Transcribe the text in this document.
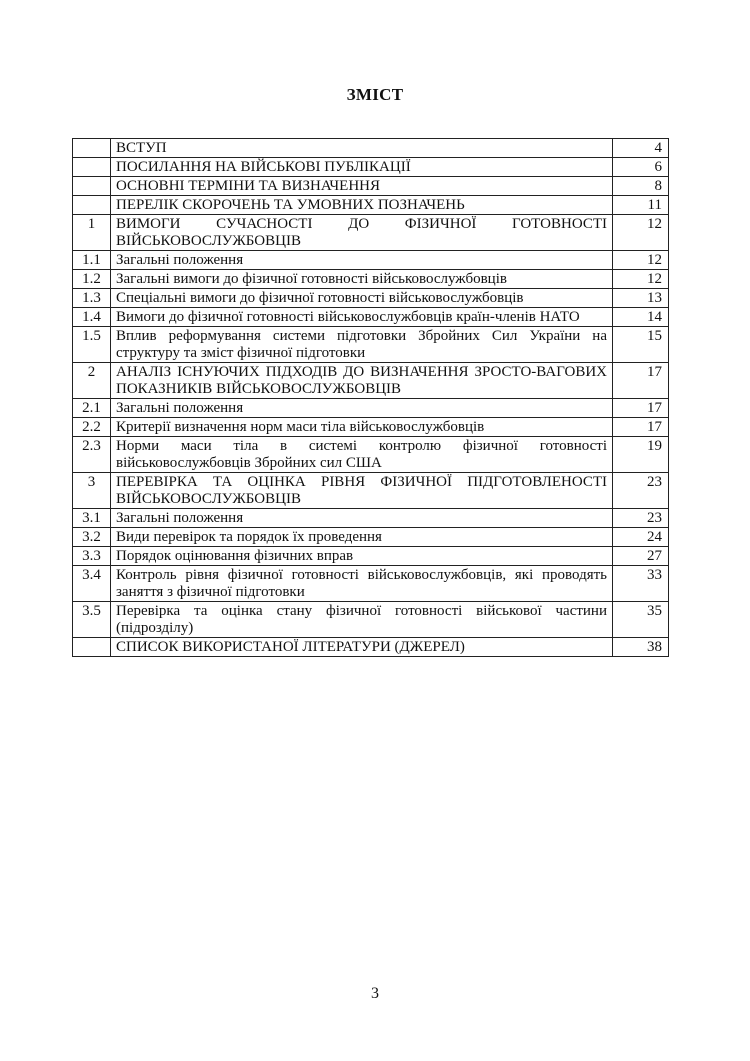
ЗМІСТ
	ВСТУП	4
	ПОСИЛАННЯ НА ВІЙСЬКОВІ ПУБЛІКАЦІЇ	6
	ОСНОВНІ ТЕРМІНИ ТА ВИЗНАЧЕННЯ	8
	ПЕРЕЛІК СКОРОЧЕНЬ ТА УМОВНИХ ПОЗНАЧЕНЬ	11
1	ВИМОГИ СУЧАСНОСТІ ДО ФІЗИЧНОЇ ГОТОВНОСТІ ВІЙСЬКОВОСЛУЖБОВЦІВ	12
1.1	Загальні положення	12
1.2	Загальні вимоги до фізичної готовності військовослужбовців	12
1.3	Спеціальні вимоги до фізичної готовності військовослужбовців	13
1.4	Вимоги до фізичної готовності військовослужбовців країн-членів НАТО	14
1.5	Вплив реформування системи підготовки Збройних Сил України на структуру та зміст фізичної підготовки	15
2	АНАЛІЗ ІСНУЮЧИХ ПІДХОДІВ ДО ВИЗНАЧЕННЯ ЗРОСТО-ВАГОВИХ ПОКАЗНИКІВ ВІЙСЬКОВОСЛУЖБОВЦІВ	17
2.1	Загальні положення	17
2.2	Критерії визначення норм маси тіла військовослужбовців	17
2.3	Норми маси тіла в системі контролю фізичної готовності військовослужбовців Збройних сил США	19
3	ПЕРЕВІРКА ТА ОЦІНКА РІВНЯ ФІЗИЧНОЇ ПІДГОТОВЛЕНОСТІ ВІЙСЬКОВОСЛУЖБОВЦІВ	23
3.1	Загальні положення	23
3.2	Види перевірок та порядок їх проведення	24
3.3	Порядок оцінювання фізичних вправ	27
3.4	Контроль рівня фізичної готовності військовослужбовців, які проводять заняття з фізичної підготовки	33
3.5	Перевірка та оцінка стану фізичної готовності військової частини (підрозділу)	35
	СПИСОК ВИКОРИСТАНОЇ ЛІТЕРАТУРИ (ДЖЕРЕЛ)	38
3
